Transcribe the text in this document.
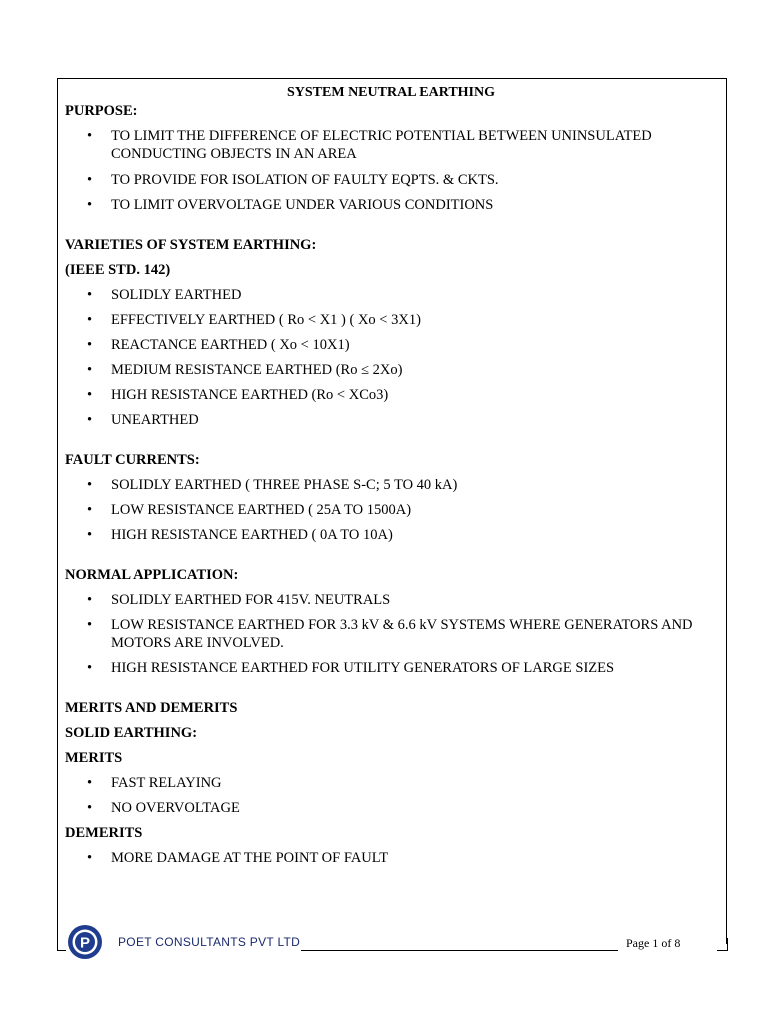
SYSTEM NEUTRAL EARTHING
PURPOSE:
• TO LIMIT THE DIFFERENCE OF ELECTRIC POTENTIAL BETWEEN UNINSULATED CONDUCTING OBJECTS IN AN AREA
• TO PROVIDE FOR ISOLATION OF FAULTY EQPTS. & CKTS.
• TO LIMIT OVERVOLTAGE UNDER VARIOUS CONDITIONS
VARIETIES OF SYSTEM EARTHING:
(IEEE STD. 142)
• SOLIDLY EARTHED
• EFFECTIVELY EARTHED ( Ro < X1 ) ( Xo < 3X1)
• REACTANCE EARTHED ( Xo < 10X1)
• MEDIUM RESISTANCE EARTHED (Ro ≤ 2Xo)
• HIGH RESISTANCE EARTHED (Ro < XCo3)
• UNEARTHED
FAULT CURRENTS:
• SOLIDLY EARTHED ( THREE PHASE S-C; 5 TO 40 kA)
• LOW RESISTANCE EARTHED ( 25A TO 1500A)
• HIGH RESISTANCE EARTHED ( 0A TO 10A)
NORMAL APPLICATION:
• SOLIDLY EARTHED FOR 415V. NEUTRALS
• LOW RESISTANCE EARTHED FOR 3.3 kV & 6.6 kV SYSTEMS WHERE GENERATORS AND MOTORS ARE INVOLVED.
• HIGH RESISTANCE EARTHED FOR UTILITY GENERATORS OF LARGE SIZES
MERITS AND DEMERITS
SOLID EARTHING:
MERITS
• FAST RELAYING
• NO OVERVOLTAGE
DEMERITS
• MORE DAMAGE AT THE POINT OF FAULT
P POET CONSULTANTS PVT LTD	Page 1 of 8
